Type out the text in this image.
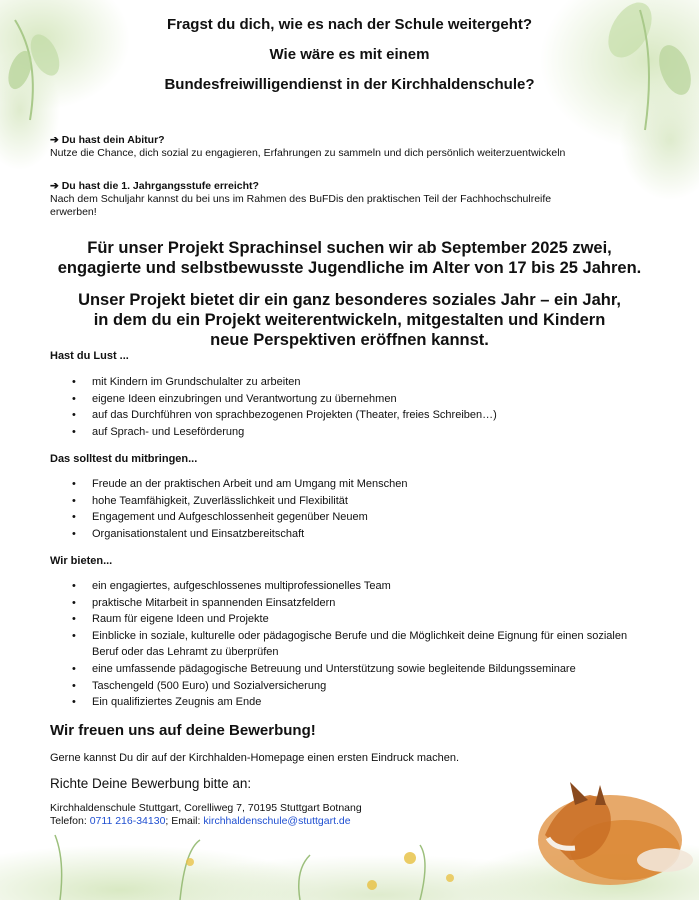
Fragst du dich, wie es nach der Schule weitergeht?
Wie wäre es mit einem
Bundesfreiwilligendienst in der Kirchhaldenschule?
➔ Du hast dein Abitur?
Nutze die Chance, dich sozial zu engagieren, Erfahrungen zu sammeln und dich persönlich weiterzuentwickeln
➔ Du hast die 1. Jahrgangsstufe erreicht?
Nach dem Schuljahr kannst du bei uns im Rahmen des BuFDis den praktischen Teil der Fachhochschulreife
erwerben!
Für unser Projekt Sprachinsel suchen wir ab September 2025 zwei,
engagierte und selbstbewusste Jugendliche im Alter von 17 bis 25 Jahren.
Unser Projekt bietet dir ein ganz besonderes soziales Jahr – ein Jahr,
in dem du ein Projekt weiterentwickeln, mitgestalten und Kindern
neue Perspektiven eröffnen kannst.
Hast du Lust ...
• mit Kindern im Grundschulalter zu arbeiten
• eigene Ideen einzubringen und Verantwortung zu übernehmen
• auf das Durchführen von sprachbezogenen Projekten (Theater, freies Schreiben…)
• auf Sprach- und Leseförderung
Das solltest du mitbringen...
• Freude an der praktischen Arbeit und am Umgang mit Menschen
• hohe Teamfähigkeit, Zuverlässlichkeit und Flexibilität
• Engagement und Aufgeschlossenheit gegenüber Neuem
• Organisationstalent und Einsatzbereitschaft
Wir bieten...
• ein engagiertes, aufgeschlossenes multiprofessionelles Team
• praktische Mitarbeit in spannenden Einsatzfeldern
• Raum für eigene Ideen und Projekte
• Einblicke in soziale, kulturelle oder pädagogische Berufe und die Möglichkeit deine Eignung für einen sozialen Beruf oder das Lehramt zu überprüfen
• eine umfassende pädagogische Betreuung und Unterstützung sowie begleitende Bildungsseminare
• Taschengeld (500 Euro) und Sozialversicherung
• Ein qualifiziertes Zeugnis am Ende
Wir freuen uns auf deine Bewerbung!
Gerne kannst Du dir auf der Kirchhalden-Homepage einen ersten Eindruck machen.
Richte Deine Bewerbung bitte an:
Kirchhaldenschule Stuttgart, Corelliweg 7, 70195 Stuttgart Botnang
Telefon: 0711 216-34130; Email: kirchhaldenschule@stuttgart.de
